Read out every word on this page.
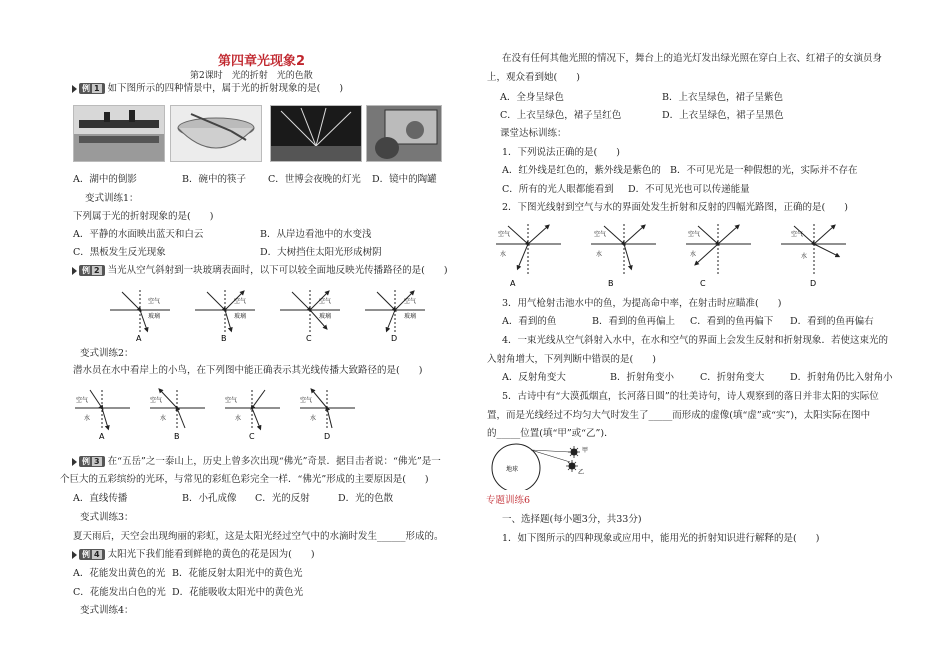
第四章光现象2
第2课时　光的折射　光的色散
例 1 如下图所示的四种情景中，属于光的折射现象的是(　　)
A．湖中的倒影	B．碗中的筷子 C．世博会夜晚的灯光 D．镜中的陶罐
变式训练1：
下列属于光的折射现象的是(　　)
A．平静的水面映出蓝天和白云	B．从岸边看池中的水变浅
C．黑板发生反光现象	D．大树挡住太阳光形成树阴
例 2 当光从空气斜射到一块玻璃表面时，以下可以较全面地反映光传播路径的是(　　)
空气
玻璃
A
空气
玻璃
B
空气
玻璃
C
空气
玻璃
D
变式训练2：
潜水员在水中看岸上的小鸟，在下列图中能正确表示其光线传播大致路径的是(　　)
空气
水
A
空气
水
B
空气
水
C
空气
水
D
例 3 在“五岳”之一泰山上，历史上曾多次出现“佛光”奇景．据目击者说：“佛光”是一
个巨大的五彩缤纷的光环，与常见的彩虹色彩完全一样．“佛光”形成的主要原因是(　　)
A．直线传播	B．小孔成像 C．光的反射	D．光的色散
变式训练3：
夏天雨后，天空会出现绚丽的彩虹，这是太阳光经过空气中的水滴时发生______形成的。
例 4 太阳光下我们能看到鲜艳的黄色的花是因为(　　)
A．花能发出黄色的光 B．花能反射太阳光中的黄色光
C．花能发出白色的光 D．花能吸收太阳光中的黄色光
变式训练4：
在没有任何其他光照的情况下，舞台上的追光灯发出绿光照在穿白上衣、红裙子的女演员身
上，观众看到她(　　)
A．全身呈绿色	B．上衣呈绿色，裙子呈紫色
C．上衣呈绿色，裙子呈红色	D．上衣呈绿色，裙子呈黑色
课堂达标训练：
1．下列说法正确的是(　　)
A．红外线是红色的，紫外线是紫色的 B．不可见光是一种假想的光，实际并不存在
C．所有的光人眼都能看到 D．不可见光也可以传递能量
2．下图光线射到空气与水的界面处发生折射和反射的四幅光路图，正确的是(　　)
空气
水
A
空气
水
B
空气
水
C
空气
水
D
3．用气枪射击池水中的鱼，为提高命中率，在射击时应瞄准(　　)
A．看到的鱼	B．看到的鱼再偏上 C．看到的鱼再偏下 D．看到的鱼再偏右
4．一束光线从空气斜射入水中，在水和空气的界面上会发生反射和折射现象．若使这束光的
入射角增大，下列判断中错误的是(　　)
A．反射角变大	B．折射角变小	C．折射角变大	D．折射角仍比入射角小
5．古诗中有“大漠孤烟直，长河落日圆”的壮美诗句，诗人观察到的落日并非太阳的实际位
置，而是光线经过不均匀大气时发生了_____而形成的虚像(填“虚”或“实”)，太阳实际在图中
的_____位置(填“甲”或“乙”)．
地球
甲
乙
专题训练6
一、选择题(每小题3分，共33分)
1．如下图所示的四种现象或应用中，能用光的折射知识进行解释的是(　　)
